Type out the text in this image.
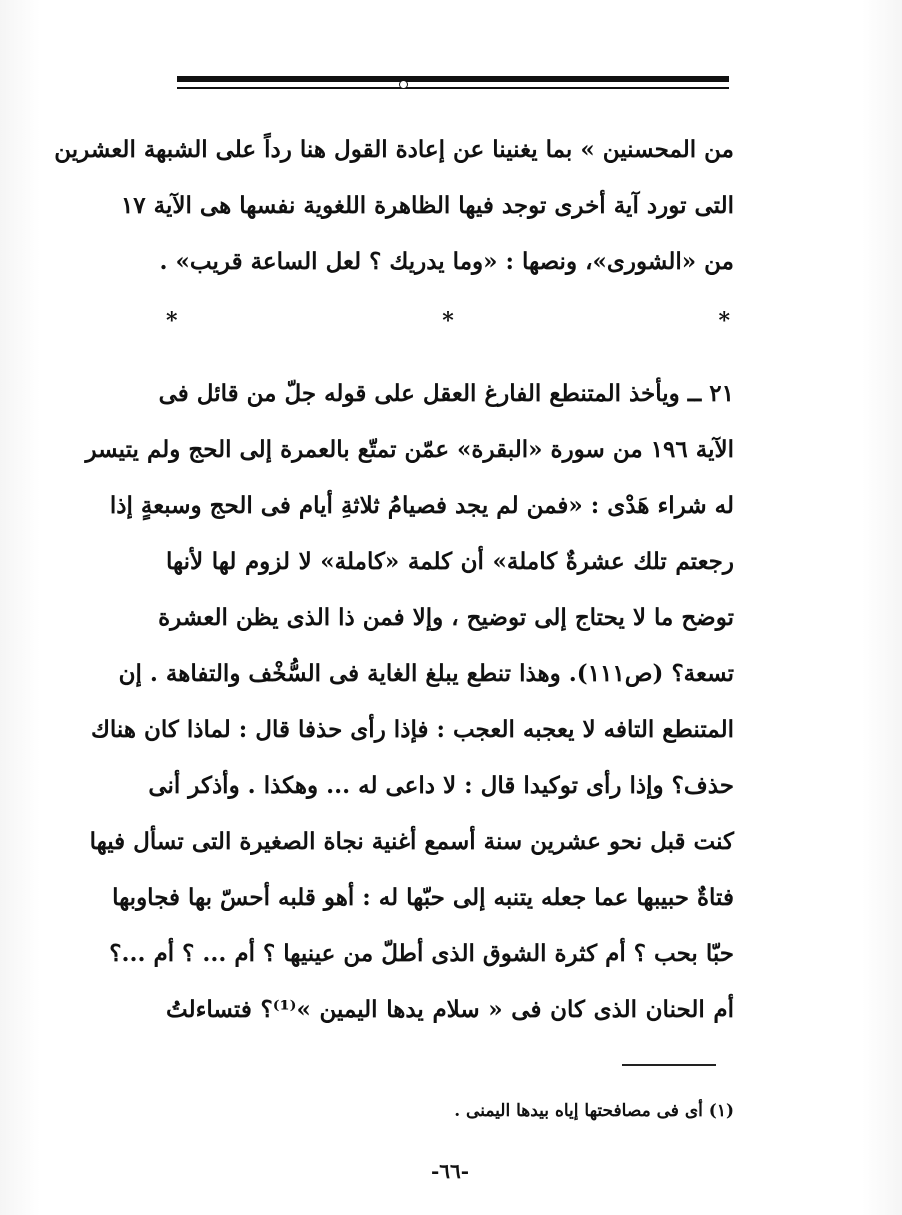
من المحسنين » بما يغنينا عن إعادة القول هنا رداً على الشبهة العشرين
التى تورد آية أخرى توجد فيها الظاهرة اللغوية نفسها هى الآية ١٧
من «الشورى»، ونصها : «وما يدريك ؟ لعل الساعة قريب» .
* * *
٢١ ــ ويأخذ المتنطع الفارغ العقل على قوله جلّ من قائل فى
الآية ١٩٦ من سورة «البقرة» عمّن تمتّع بالعمرة إلى الحج ولم يتيسر
له شراء هَدْى : «فمن لم يجد فصيامُ ثلاثةِ أيام فى الحج وسبعةٍ إذا
رجعتم تلك عشرةٌ كاملة» أن كلمة «كاملة» لا لزوم لها لأنها
توضح ما لا يحتاج إلى توضيح ، وإلا فمن ذا الذى يظن العشرة
تسعة؟ (ص١١١). وهذا تنطع يبلغ الغاية فى السُّخْف والتفاهة . إن
المتنطع التافه لا يعجبه العجب : فإذا رأى حذفا قال : لماذا كان هناك
حذف؟ وإذا رأى توكيدا قال : لا داعى له ... وهكذا . وأذكر أنى
كنت قبل نحو عشرين سنة أسمع أغنية نجاة الصغيرة التى تسأل فيها
فتاةٌ حبيبها عما جعله يتنبه إلى حبّها له : أهو قلبه أحسّ بها فجاوبها
حبّا بحب ؟ أم كثرة الشوق الذى أطلّ من عينيها ؟ أم ... ؟ أم ...؟
أم الحنان الذى كان فى « سلام يدها اليمين »⁽¹⁾؟ فتساءلتُ
(١) أى فى مصافحتها إياه بيدها اليمنى .
-٦٦-
